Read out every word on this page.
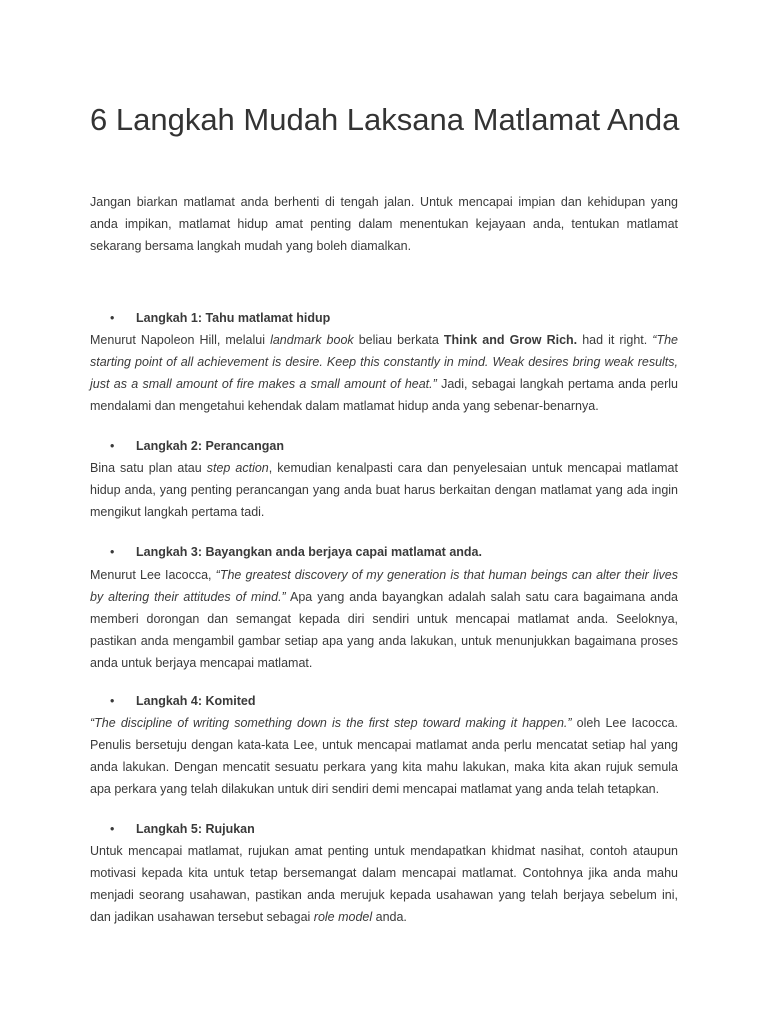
6 Langkah Mudah Laksana Matlamat Anda

Jangan biarkan matlamat anda berhenti di tengah jalan. Untuk mencapai impian dan kehidupan yang anda impikan, matlamat hidup amat penting dalam menentukan kejayaan anda, tentukan matlamat sekarang bersama langkah mudah yang boleh diamalkan.

• Langkah 1: Tahu matlamat hidup

Menurut Napoleon Hill, melalui landmark book beliau berkata Think and Grow Rich. had it right. “The starting point of all achievement is desire. Keep this constantly in mind. Weak desires bring weak results, just as a small amount of fire makes a small amount of heat.” Jadi, sebagai langkah pertama anda perlu mendalami dan mengetahui kehendak dalam matlamat hidup anda yang sebenar-benarnya.

• Langkah 2: Perancangan

Bina satu plan atau step action, kemudian kenalpasti cara dan penyelesaian untuk mencapai matlamat hidup anda, yang penting perancangan yang anda buat harus berkaitan dengan matlamat yang ada ingin mengikut langkah pertama tadi.

• Langkah 3: Bayangkan anda berjaya capai matlamat anda.

Menurut Lee Iacocca, “The greatest discovery of my generation is that human beings can alter their lives by altering their attitudes of mind.” Apa yang anda bayangkan adalah salah satu cara bagaimana anda memberi dorongan dan semangat kepada diri sendiri untuk mencapai matlamat anda. Seeloknya, pastikan anda mengambil gambar setiap apa yang anda lakukan, untuk menunjukkan bagaimana proses anda untuk berjaya mencapai matlamat.

• Langkah 4: Komited

“The discipline of writing something down is the first step toward making it happen.” oleh Lee Iacocca. Penulis bersetuju dengan kata-kata Lee, untuk mencapai matlamat anda perlu mencatat setiap hal yang anda lakukan. Dengan mencatit sesuatu perkara yang kita mahu lakukan, maka kita akan rujuk semula apa perkara yang telah dilakukan untuk diri sendiri demi mencapai matlamat yang anda telah tetapkan.

• Langkah 5: Rujukan

Untuk mencapai matlamat, rujukan amat penting untuk mendapatkan khidmat nasihat, contoh ataupun motivasi kepada kita untuk tetap bersemangat dalam mencapai matlamat. Contohnya jika anda mahu menjadi seorang usahawan, pastikan anda merujuk kepada usahawan yang telah berjaya sebelum ini, dan jadikan usahawan tersebut sebagai role model anda.
